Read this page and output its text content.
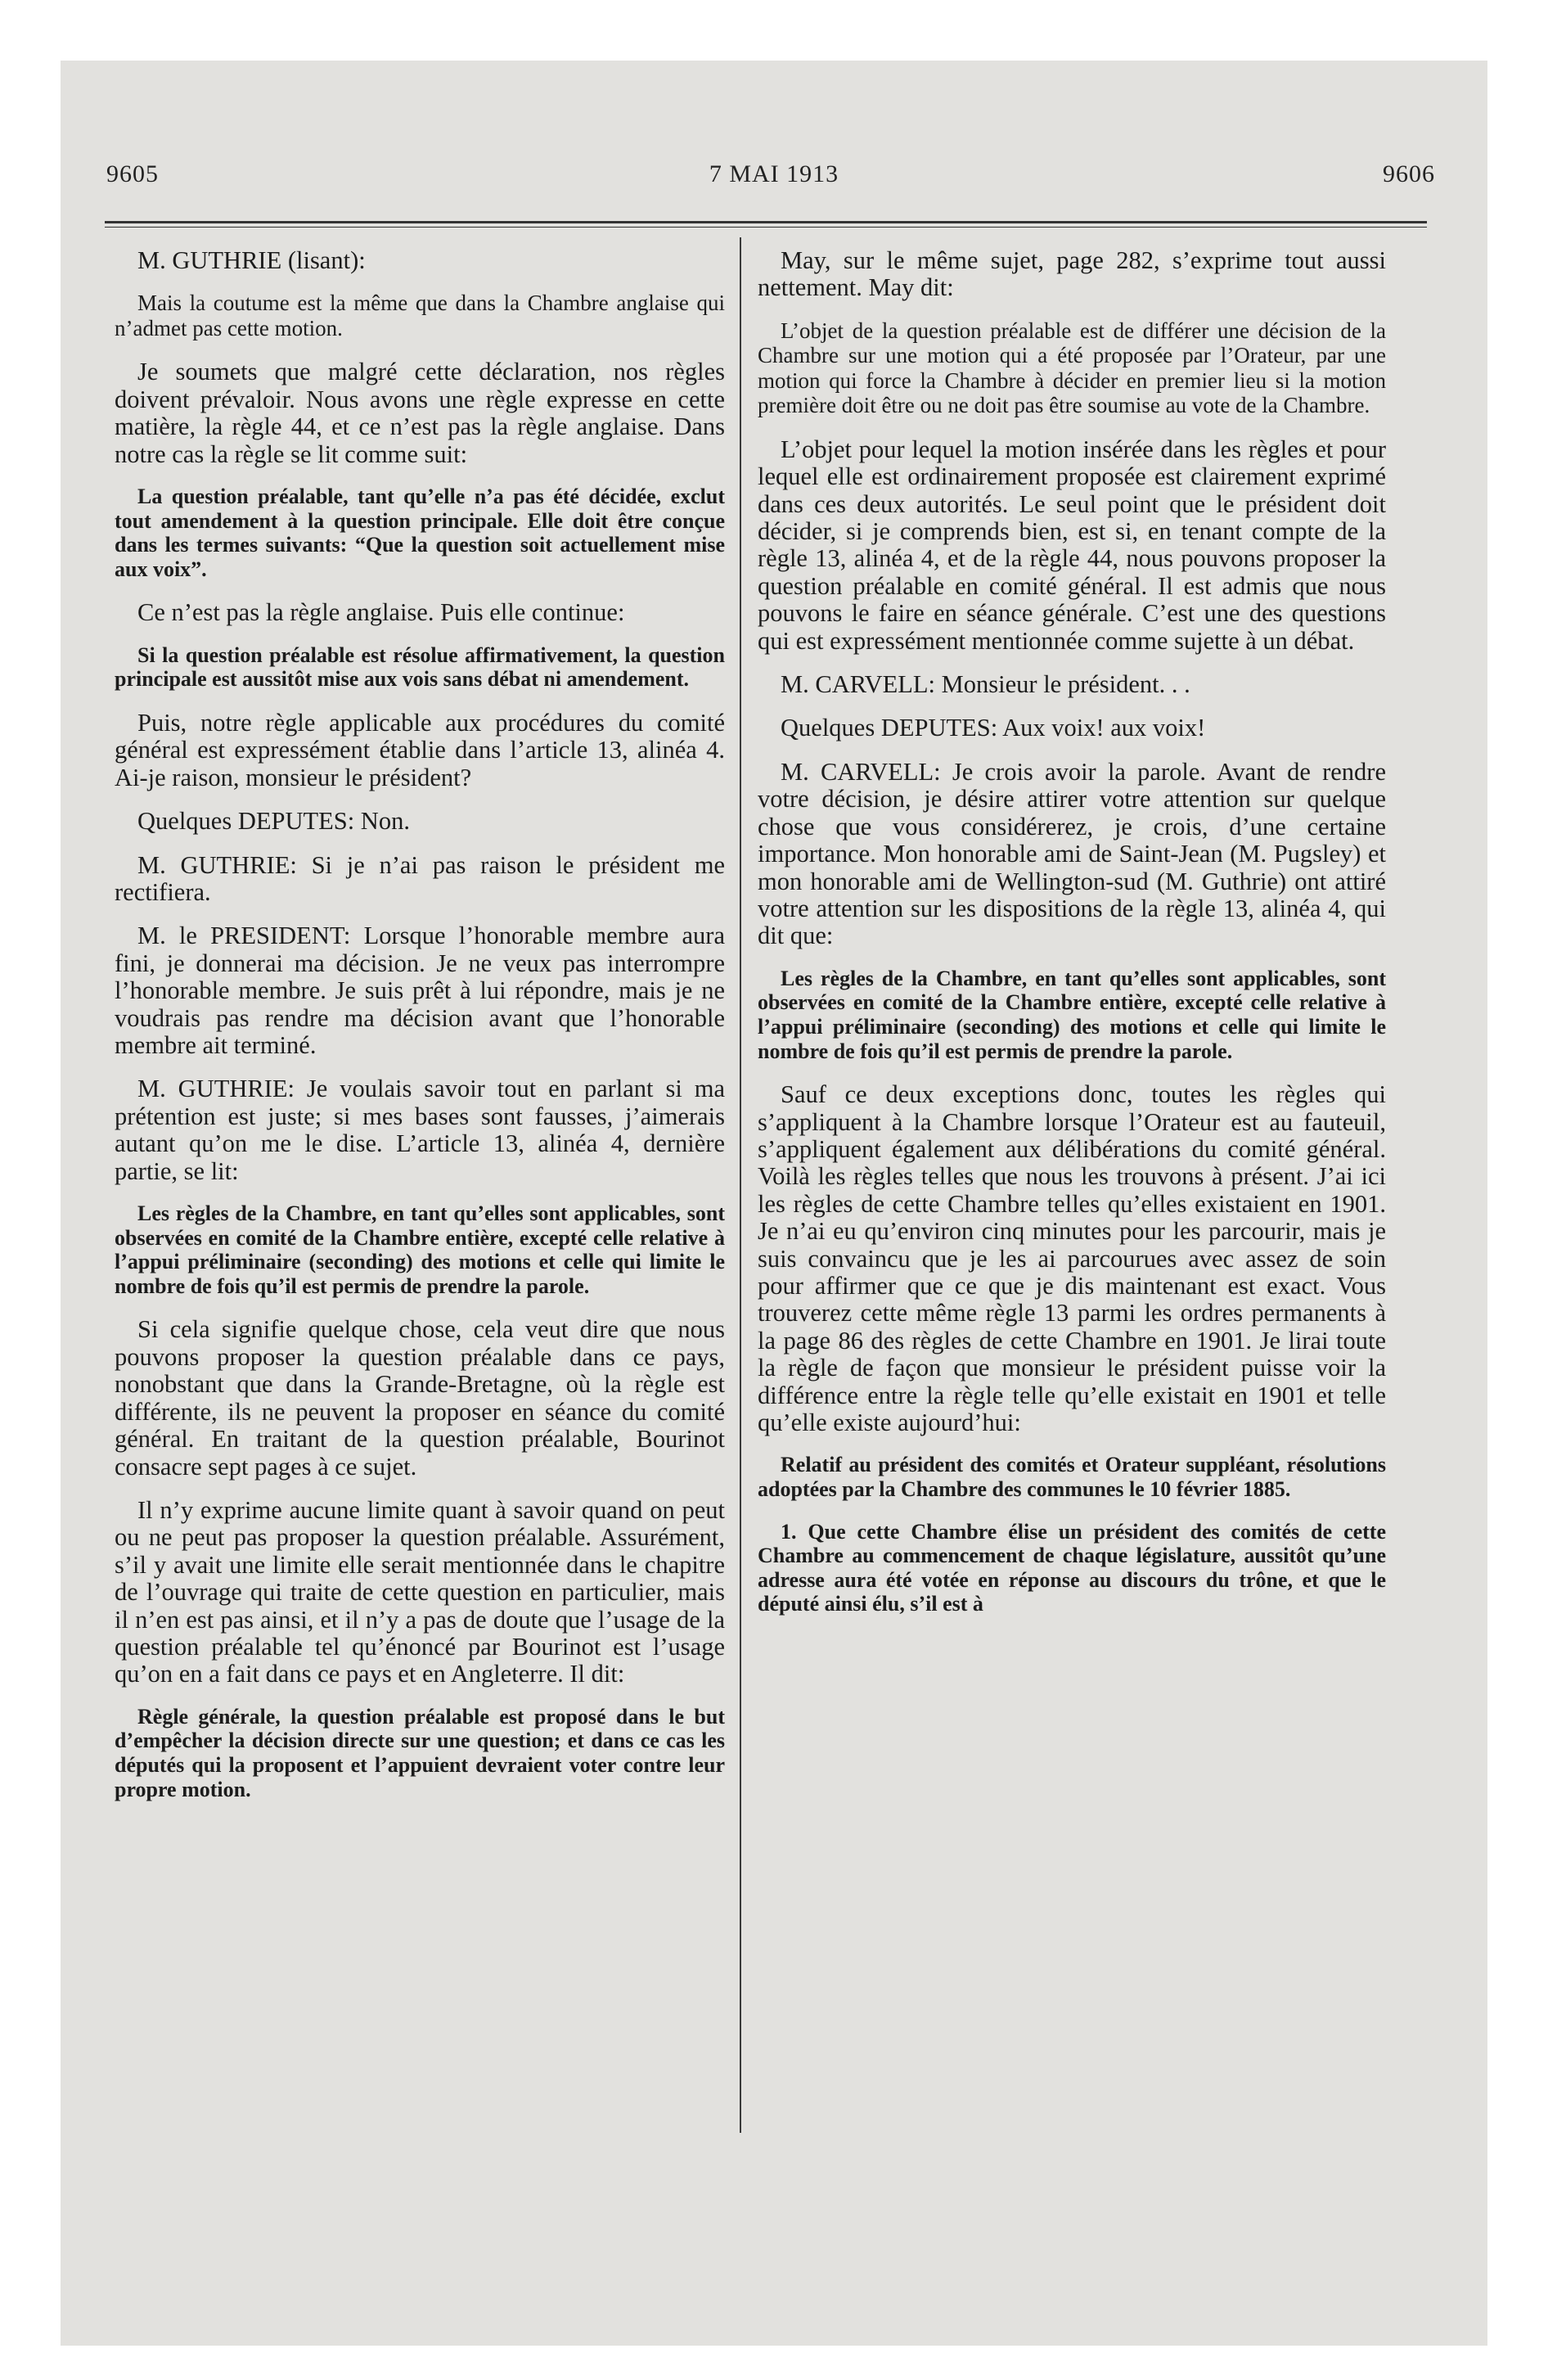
9605	7 MAI 1913	9606

M. GUTHRIE (lisant):

Mais la coutume est la même que dans la Chambre anglaise qui n’admet pas cette motion.

Je soumets que malgré cette déclaration, nos règles doivent prévaloir. Nous avons une règle expresse en cette matière, la règle 44, et ce n’est pas la règle anglaise. Dans notre cas la règle se lit comme suit:

La question préalable, tant qu’elle n’a pas été décidée, exclut tout amendement à la question principale. Elle doit être conçue dans les termes suivants: “Que la question soit actuellement mise aux voix”.

Ce n’est pas la règle anglaise. Puis elle continue:

Si la question préalable est résolue affirmativement, la question principale est aussitôt mise aux vois sans débat ni amendement.

Puis, notre règle applicable aux procédures du comité général est expressément établie dans l’article 13, alinéa 4. Ai-je raison, monsieur le président?

Quelques DEPUTES: Non.

M. GUTHRIE: Si je n’ai pas raison le président me rectifiera.

M. le PRESIDENT: Lorsque l’honorable membre aura fini, je donnerai ma décision. Je ne veux pas interrompre l’honorable membre. Je suis prêt à lui répondre, mais je ne voudrais pas rendre ma décision avant que l’honorable membre ait terminé.

M. GUTHRIE: Je voulais savoir tout en parlant si ma prétention est juste; si mes bases sont fausses, j’aimerais autant qu’on me le dise. L’article 13, alinéa 4, dernière partie, se lit:

Les règles de la Chambre, en tant qu’elles sont applicables, sont observées en comité de la Chambre entière, excepté celle relative à l’appui préliminaire (seconding) des motions et celle qui limite le nombre de fois qu’il est permis de prendre la parole.

Si cela signifie quelque chose, cela veut dire que nous pouvons proposer la question préalable dans ce pays, nonobstant que dans la Grande-Bretagne, où la règle est différente, ils ne peuvent la proposer en séance du comité général. En traitant de la question préalable, Bourinot consacre sept pages à ce sujet.

Il n’y exprime aucune limite quant à savoir quand on peut ou ne peut pas proposer la question préalable. Assurément, s’il y avait une limite elle serait mentionnée dans le chapitre de l’ouvrage qui traite de cette question en particulier, mais il n’en est pas ainsi, et il n’y a pas de doute que l’usage de la question préalable tel qu’énoncé par Bourinot est l’usage qu’on en a fait dans ce pays et en Angleterre. Il dit:

Règle générale, la question préalable est proposé dans le but d’empêcher la décision directe sur une question; et dans ce cas les députés qui la proposent et l’appuient devraient voter contre leur propre motion.

May, sur le même sujet, page 282, s’exprime tout aussi nettement. May dit:

L’objet de la question préalable est de différer une décision de la Chambre sur une motion qui a été proposée par l’Orateur, par une motion qui force la Chambre à décider en premier lieu si la motion première doit être ou ne doit pas être soumise au vote de la Chambre.

L’objet pour lequel la motion insérée dans les règles et pour lequel elle est ordinairement proposée est clairement exprimé dans ces deux autorités. Le seul point que le président doit décider, si je comprends bien, est si, en tenant compte de la règle 13, alinéa 4, et de la règle 44, nous pouvons proposer la question préalable en comité général. Il est admis que nous pouvons le faire en séance générale. C’est une des questions qui est expressément mentionnée comme sujette à un débat.

M. CARVELL: Monsieur le président. . .

Quelques DEPUTES: Aux voix! aux voix!

M. CARVELL: Je crois avoir la parole. Avant de rendre votre décision, je désire attirer votre attention sur quelque chose que vous considérerez, je crois, d’une certaine importance. Mon honorable ami de Saint-Jean (M. Pugsley) et mon honorable ami de Wellington-sud (M. Guthrie) ont attiré votre attention sur les dispositions de la règle 13, alinéa 4, qui dit que:

Les règles de la Chambre, en tant qu’elles sont applicables, sont observées en comité de la Chambre entière, excepté celle relative à l’appui préliminaire (seconding) des motions et celle qui limite le nombre de fois qu’il est permis de prendre la parole.

Sauf ce deux exceptions donc, toutes les règles qui s’appliquent à la Chambre lorsque l’Orateur est au fauteuil, s’appliquent également aux délibérations du comité général. Voilà les règles telles que nous les trouvons à présent. J’ai ici les règles de cette Chambre telles qu’elles existaient en 1901. Je n’ai eu qu’environ cinq minutes pour les parcourir, mais je suis convaincu que je les ai parcourues avec assez de soin pour affirmer que ce que je dis maintenant est exact. Vous trouverez cette même règle 13 parmi les ordres permanents à la page 86 des règles de cette Chambre en 1901. Je lirai toute la règle de façon que monsieur le président puisse voir la différence entre la règle telle qu’elle existait en 1901 et telle qu’elle existe aujourd’hui:

Relatif au président des comités et Orateur suppléant, résolutions adoptées par la Chambre des communes le 10 février 1885.

1. Que cette Chambre élise un président des comités de cette Chambre au commencement de chaque législature, aussitôt qu’une adresse aura été votée en réponse au discours du trône, et que le député ainsi élu, s’il est à
